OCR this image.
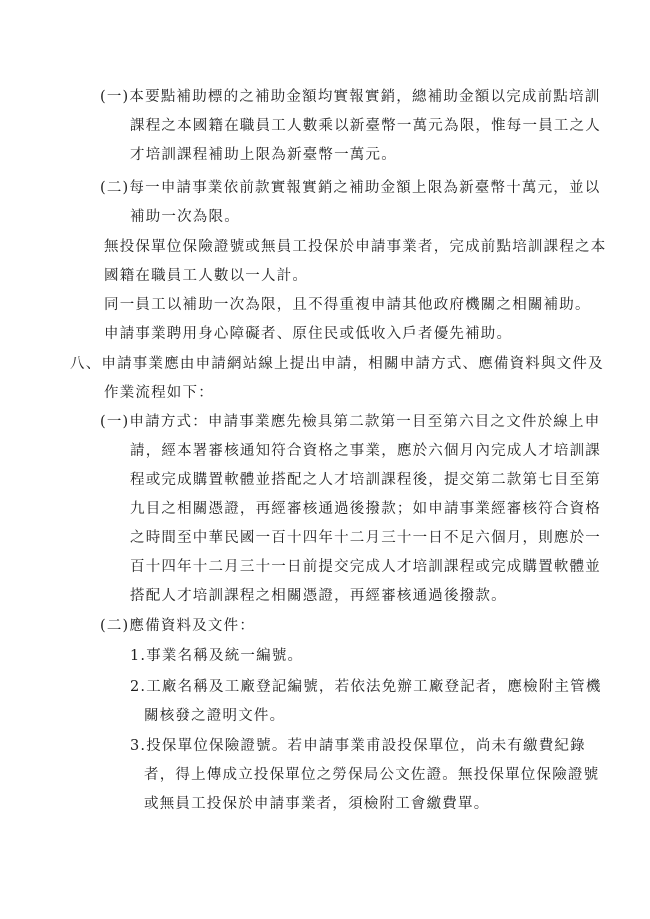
(一)本要點補助標的之補助金額均實報實銷，總補助金額以完成前點培訓
課程之本國籍在職員工人數乘以新臺幣一萬元為限，惟每一員工之人
才培訓課程補助上限為新臺幣一萬元。
(二)每一申請事業依前款實報實銷之補助金額上限為新臺幣十萬元，並以
補助一次為限。
無投保單位保險證號或無員工投保於申請事業者，完成前點培訓課程之本
國籍在職員工人數以一人計。
同一員工以補助一次為限，且不得重複申請其他政府機關之相關補助。
申請事業聘用身心障礙者、原住民或低收入戶者優先補助。
八、申請事業應由申請網站線上提出申請，相關申請方式、應備資料與文件及
作業流程如下：
(一)申請方式：申請事業應先檢具第二款第一目至第六目之文件於線上申
請，經本署審核通知符合資格之事業，應於六個月內完成人才培訓課
程或完成購置軟體並搭配之人才培訓課程後，提交第二款第七目至第
九目之相關憑證，再經審核通過後撥款；如申請事業經審核符合資格
之時間至中華民國一百十四年十二月三十一日不足六個月，則應於一
百十四年十二月三十一日前提交完成人才培訓課程或完成購置軟體並
搭配人才培訓課程之相關憑證，再經審核通過後撥款。
(二)應備資料及文件：
1.事業名稱及統一編號。
2.工廠名稱及工廠登記編號，若依法免辦工廠登記者，應檢附主管機
關核發之證明文件。
3.投保單位保險證號。若申請事業甫設投保單位，尚未有繳費紀錄
者，得上傳成立投保單位之勞保局公文佐證。無投保單位保險證號
或無員工投保於申請事業者，須檢附工會繳費單。
